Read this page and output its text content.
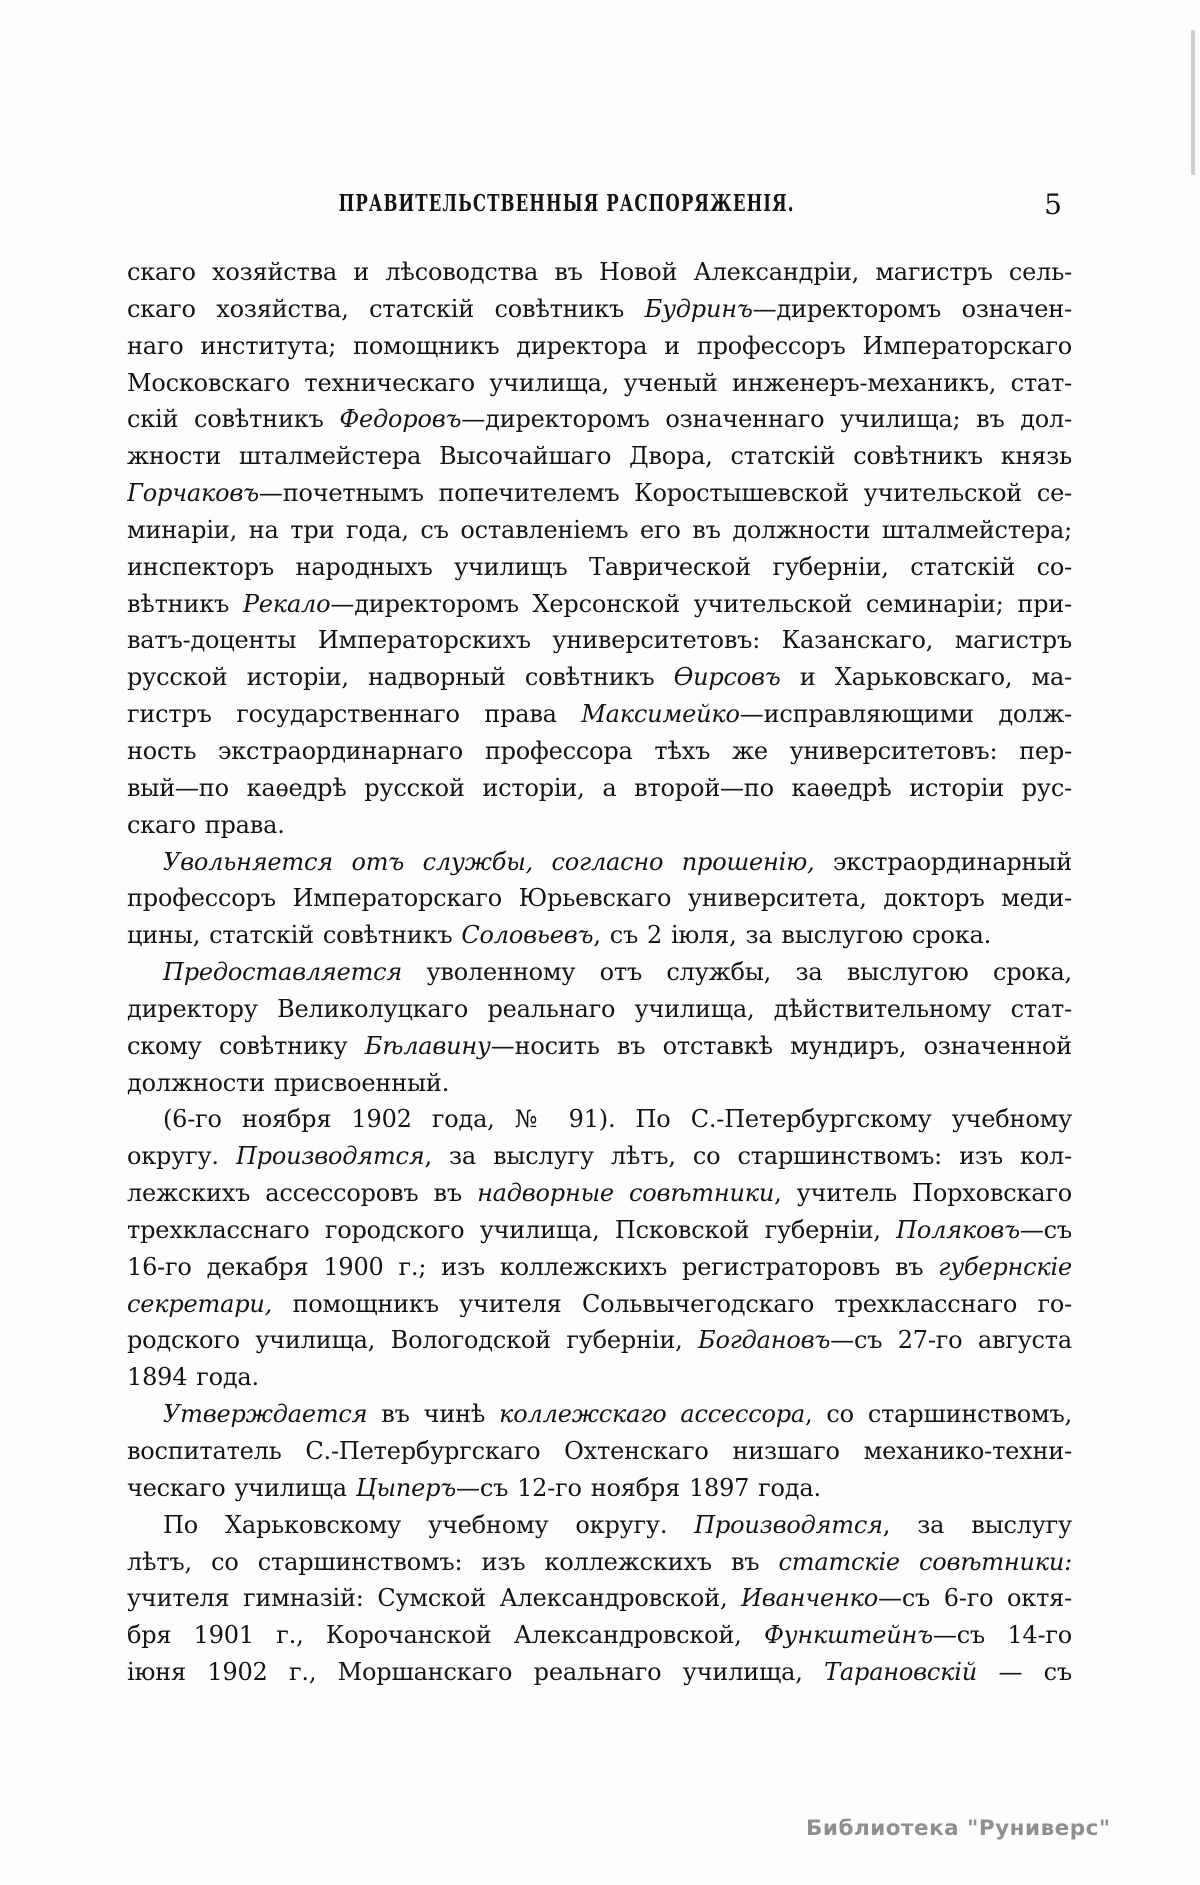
ПРАВИТЕЛЬСТВЕННЫЯ РАСПОРЯЖЕНІЯ.	5
скаго хозяйства и лѣсоводства въ Новой Александріи, магистръ сель-
скаго хозяйства, статскій совѣтникъ Будринъ—директоромъ означен-
наго института; помощникъ директора и профессоръ Императорскаго
Московскаго техническаго училища, ученый инженеръ-механикъ, стат-
скій совѣтникъ Федоровъ—директоромъ означеннаго училища; въ дол-
жности шталмейстера Высочайшаго Двора, статскій совѣтникъ князь
Горчаковъ—почетнымъ попечителемъ Коростышевской учительской се-
минаріи, на три года, съ оставленіемъ его въ должности шталмейстера;
инспекторъ народныхъ училищъ Таврической губерніи, статскій со-
вѣтникъ Рекало—директоромъ Херсонской учительской семинаріи; при-
ватъ-доценты Императорскихъ университетовъ: Казанскаго, магистръ
русской исторіи, надворный совѣтникъ Ѳирсовъ и Харьковскаго, ма-
гистръ государственнаго права Максимейко—исправляющими долж-
ность экстраординарнаго профессора тѣхъ же университетовъ: пер-
вый—по каѳедрѣ русской исторіи, а второй—по каѳедрѣ исторіи рус-
скаго права.
Увольняется отъ службы, согласно прошенію, экстраординарный
профессоръ Императорскаго Юрьевскаго университета, докторъ меди-
цины, статскій совѣтникъ Соловьевъ, съ 2 іюля, за выслугою срока.
Предоставляется уволенному отъ службы, за выслугою срока,
директору Великолуцкаго реальнаго училища, дѣйствительному стат-
скому совѣтнику Бѣлавину—носить въ отставкѣ мундиръ, означенной
должности присвоенный.
(6-го ноября 1902 года, № 91). По С.-Петербургскому учебному
округу. Производятся, за выслугу лѣтъ, со старшинствомъ: изъ кол-
лежскихъ ассессоровъ въ надворные совѣтники, учитель Порховскаго
трехкласснаго городского училища, Псковской губерніи, Поляковъ—съ
16-го декабря 1900 г.; изъ коллежскихъ регистраторовъ въ губернскіе
секретари, помощникъ учителя Сольвычегодскаго трехкласснаго го-
родского училища, Вологодской губерніи, Богдановъ—съ 27-го августа
1894 года.
Утверждается въ чинѣ коллежскаго ассессора, со старшинствомъ,
воспитатель С.-Петербургскаго Охтенскаго низшаго механико-техни-
ческаго училища Цыперъ—съ 12-го ноября 1897 года.
По Харьковскому учебному округу. Производятся, за выслугу
лѣтъ, со старшинствомъ: изъ коллежскихъ въ статскіе совѣтники:
учителя гимназій: Сумской Александровской, Иванченко—съ 6-го октя-
бря 1901 г., Корочанской Александровской, Функштейнъ—съ 14-го
іюня 1902 г., Моршанскаго реальнаго училища, Тарановскій — съ
Библиотека "Руниверс"
